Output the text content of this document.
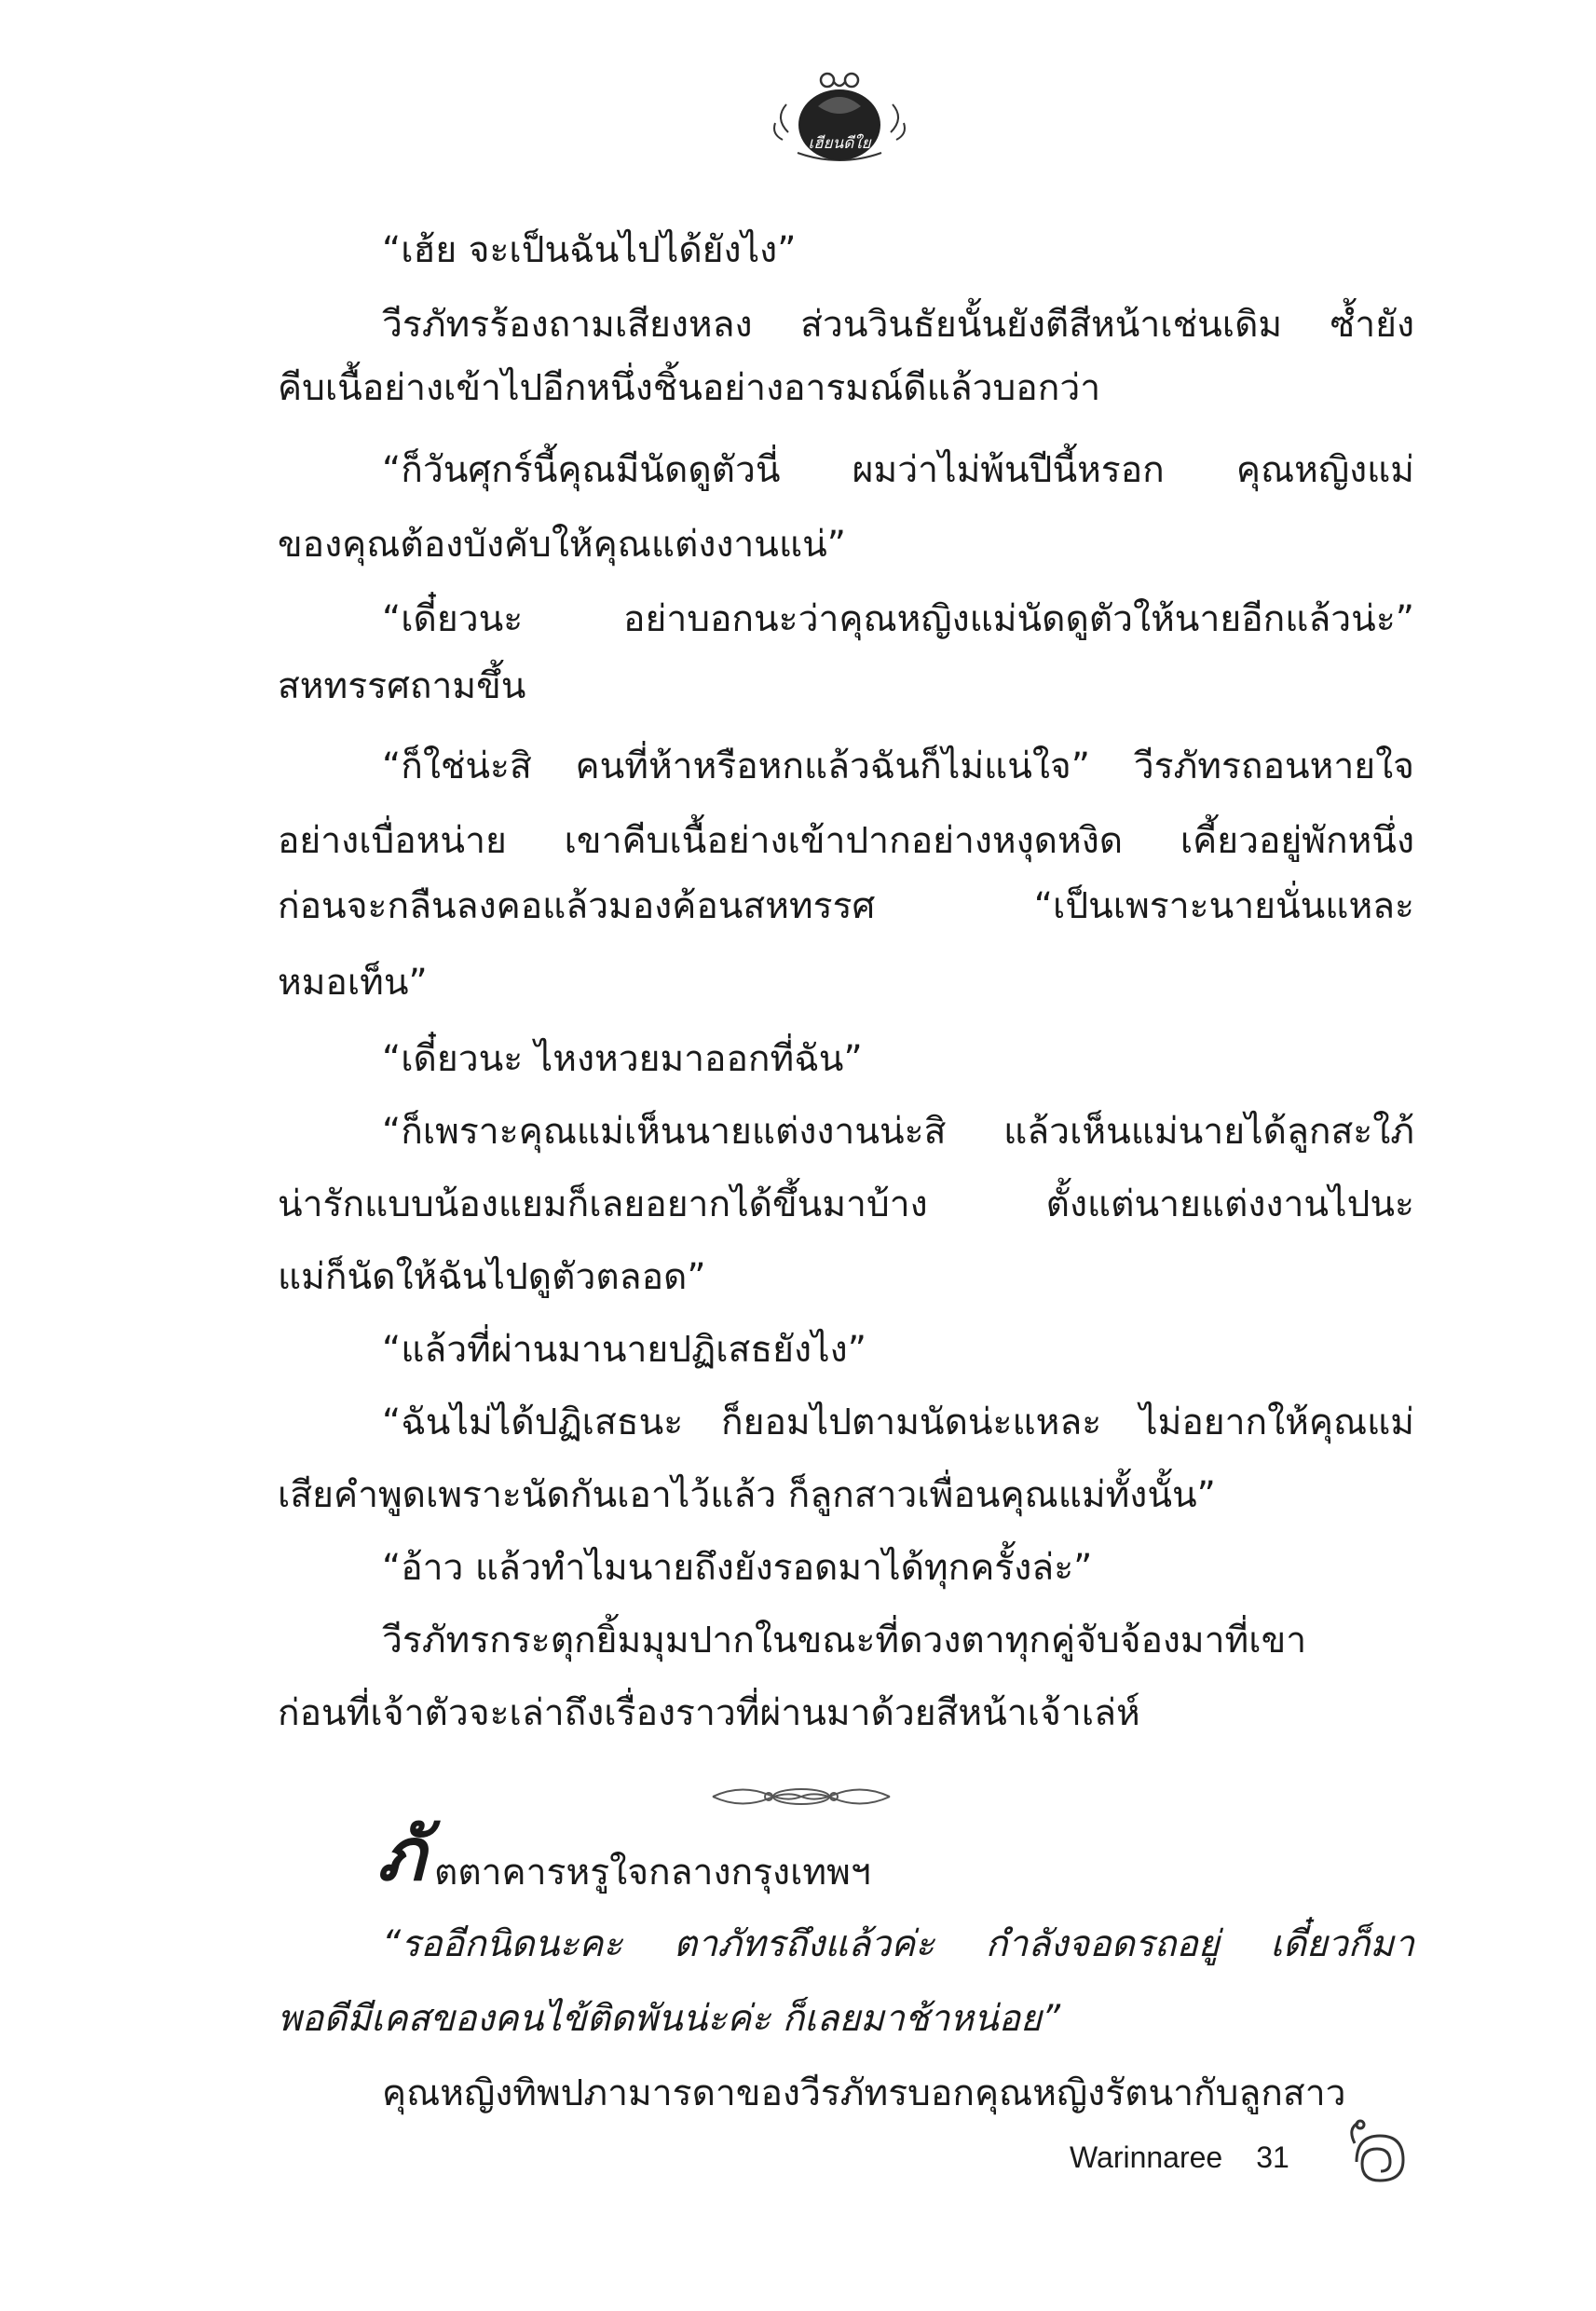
เฮียนดีใย
“เฮ้ย จะเป็นฉันไปได้ยังไง”
วีรภัทรร้องถามเสียงหลง ส่วนวินธัยนั้นยังตีสีหน้าเช่นเดิม ซ้ำยัง
คีบเนื้อย่างเข้าไปอีกหนึ่งชิ้นอย่างอารมณ์ดีแล้วบอกว่า
“ก็วันศุกร์นี้คุณมีนัดดูตัวนี่ ผมว่าไม่พ้นปีนี้หรอก คุณหญิงแม่
ของคุณต้องบังคับให้คุณแต่งงานแน่”
“เดี๋ยวนะ อย่าบอกนะว่าคุณหญิงแม่นัดดูตัวให้นายอีกแล้วน่ะ”
สหทรรศถามขึ้น
“ก็ใช่น่ะสิ คนที่ห้าหรือหกแล้วฉันก็ไม่แน่ใจ” วีรภัทรถอนหายใจ
อย่างเบื่อหน่าย เขาคีบเนื้อย่างเข้าปากอย่างหงุดหงิด เคี้ยวอยู่พักหนึ่ง
ก่อนจะกลืนลงคอแล้วมองค้อนสหทรรศ “เป็นเพราะนายนั่นแหละ
หมอเท็น”
“เดี๋ยวนะ ไหงหวยมาออกที่ฉัน”
“ก็เพราะคุณแม่เห็นนายแต่งงานน่ะสิ แล้วเห็นแม่นายได้ลูกสะใภ้
น่ารักแบบน้องแยมก็เลยอยากได้ขึ้นมาบ้าง ตั้งแต่นายแต่งงานไปนะ
แม่ก็นัดให้ฉันไปดูตัวตลอด”
“แล้วที่ผ่านมานายปฏิเสธยังไง”
“ฉันไม่ได้ปฏิเสธนะ ก็ยอมไปตามนัดน่ะแหละ ไม่อยากให้คุณแม่
เสียคำพูดเพราะนัดกันเอาไว้แล้ว ก็ลูกสาวเพื่อนคุณแม่ทั้งนั้น”
“อ้าว แล้วทำไมนายถึงยังรอดมาได้ทุกครั้งล่ะ”
วีรภัทรกระตุกยิ้มมุมปากในขณะที่ดวงตาทุกคู่จับจ้องมาที่เขา
ก่อนที่เจ้าตัวจะเล่าถึงเรื่องราวที่ผ่านมาด้วยสีหน้าเจ้าเล่ห์
ภั ตตาคารหรูใจกลางกรุงเทพฯ
“รออีกนิดนะคะ ตาภัทรถึงแล้วค่ะ กำลังจอดรถอยู่ เดี๋ยวก็มา
พอดีมีเคสของคนไข้ติดพันน่ะค่ะ ก็เลยมาช้าหน่อย”
คุณหญิงทิพปภามารดาของวีรภัทรบอกคุณหญิงรัตนากับลูกสาว
Warinnaree 31
